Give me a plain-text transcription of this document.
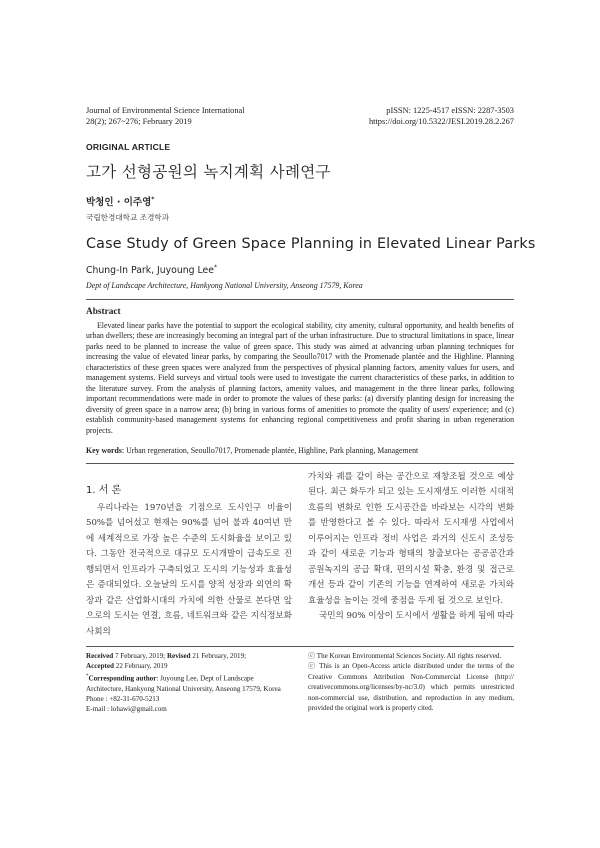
Journal of Environmental Science International
28(2); 267~276; February 2019
pISSN: 1225-4517 eISSN: 2287-3503
https://doi.org/10.5322/JESI.2019.28.2.267
ORIGINAL ARTICLE
고가 선형공원의 녹지계획 사례연구
박청인 · 이주영*
국립한경대학교 조경학과
Case Study of Green Space Planning in Elevated Linear Parks
Chung-In Park, Juyoung Lee*
Dept of Landscape Architecture, Hankyong National University, Anseong 17579, Korea
Abstract
Elevated linear parks have the potential to support the ecological stability, city amenity, cultural opportunity, and health benefits of urban dwellers; these are increasingly becoming an integral part of the urban infrastructure. Due to structural limitations in space, linear parks need to be planned to increase the value of green space. This study was aimed at advancing urban planning techniques for increasing the value of elevated linear parks, by comparing the Seoullo7017 with the Promenade plantée and the Highline. Planning characteristics of these green spaces were analyzed from the perspectives of physical planning factors, amenity values for users, and management systems. Field surveys and virtual tools were used to investigate the current characteristics of these parks, in addition to the literature survey. From the analysis of planning factors, amenity values, and management in the three linear parks, following important recommendations were made in order to promote the values of these parks: (a) diversify planting design for increasing the diversity of green space in a narrow area; (b) bring in various forms of amenities to promote the quality of users' experience; and (c) establish community-based management systems for enhancing regional competitiveness and profit sharing in urban regeneration projects.
Key words: Urban regeneration, Seoullo7017, Promenade plantée, Highline, Park planning, Management
1. 서 론

우리나라는 1970년을 기점으로 도시인구 비율이 50%를 넘어섰고 현재는 90%를 넘어 불과 40여년 만에 세계적으로 가장 높은 수준의 도시화율을 보이고 있다. 그동안 전국적으로 대규모 도시개발이 급속도로 진행되면서 인프라가 구축되었고 도시의 기능성과 효율성은 증대되었다. 오늘날의 도시를 양적 성장과 외연의 확장과 같은 산업화시대의 가치에 의한 산물로 본다면 앞으로의 도시는 연결, 흐름, 네트워크와 같은 지식정보화사회의

가치와 궤를 같이 하는 공간으로 재창조될 것으로 예상된다. 최근 화두가 되고 있는 도시재생도 이러한 시대적 흐름의 변화로 인한 도시공간을 바라보는 시각의 변화를 반영한다고 볼 수 있다. 따라서 도시재생 사업에서 이루어지는 인프라 정비 사업은 과거의 신도시 조성등과 같이 새로운 기능과 형태의 창출보다는 공공공간과 공원녹지의 공급 확대, 편의시설 확충, 환경 및 접근로 개선 등과 같이 기존의 기능을 연계하여 새로운 가치와 효율성을 높이는 것에 중점을 두게 될 것으로 보인다.

국민의 90% 이상이 도시에서 생활을 하게 됨에 따라

Received 7 February, 2019; Revised 21 February, 2019;
Accepted 22 February, 2019
*Corresponding author: Juyoung Lee, Dept of Landscape Architecture, Hankyong National University, Anseong 17579, Korea
Phone : +82-31-670-5213
E-mail : lohawi@gmail.com
ⓒ The Korean Environmental Sciences Society. All rights reserved.
ⓒ This is an Open-Access article distributed under the terms of the Creative Commons Attribution Non-Commercial License (http:// creativecommons.org/licenses/by-nc/3.0) which permits unrestricted non-commercial use, distribution, and reproduction in any medium, provided the original work is properly cited.
